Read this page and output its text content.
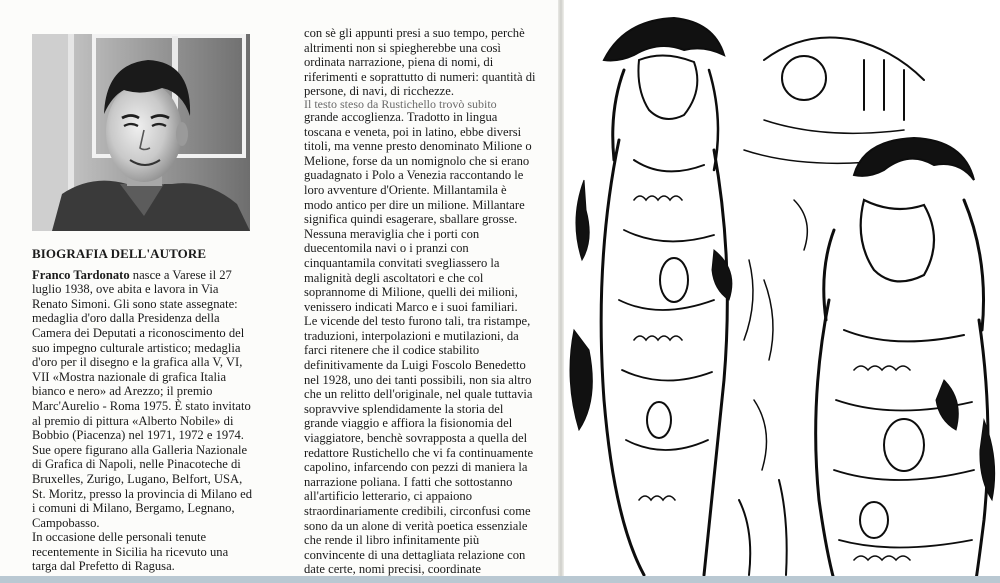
BIOGRAFIA DELL'AUTORE

Franco Tardonato nasce a Varese il 27 luglio 1938, ove abita e lavora in Via Renato Simoni. Gli sono state assegnate: medaglia d'oro dalla Presidenza della Camera dei Deputati a riconoscimento del suo impegno culturale artistico; medaglia d'oro per il disegno e la grafica alla V, VI, VII «Mostra nazionale di grafica Italia bianco e nero» ad Arezzo; il premio Marc'Aurelio - Roma 1975. È stato invitato al premio di pittura «Alberto Nobile» di Bobbio (Piacenza) nel 1971, 1972 e 1974.

Sue opere figurano alla Galleria Nazionale di Grafica di Napoli, nelle Pinacoteche di Bruxelles, Zurigo, Lugano, Belfort, USA, St. Moritz, presso la provincia di Milano ed i comuni di Milano, Bergamo, Legnano, Campobasso.

In occasione delle personali tenute recentemente in Sicilia ha ricevuto una targa dal Prefetto di Ragusa.

con sè gli appunti presi a suo tempo, perchè altrimenti non si spiegherebbe una così ordinata narrazione, piena di nomi, di riferimenti e soprattutto di numeri: quantità di persone, di navi, di ricchezze.

Il testo steso da Rustichello trovò subito

grande accoglienza. Tradotto in lingua toscana e veneta, poi in latino, ebbe diversi titoli, ma venne presto denominato Milione o Melione, forse da un nomignolo che si erano guadagnato i Polo a Venezia raccontando le loro avventure d'Oriente. Millantamila è modo antico per dire un milione. Millantare significa quindi esagerare, sballare grosse. Nessuna meraviglia che i porti con duecentomila navi o i pranzi con cinquantamila convitati svegliassero la malignità degli ascoltatori e che col soprannome di Milione, quelli dei milioni, venissero indicati Marco e i suoi familiari.

Le vicende del testo furono tali, tra ristampe, traduzioni, interpolazioni e mutilazioni, da farci ritenere che il codice stabilito definitivamente da Luigi Foscolo Benedetto nel 1928, uno dei tanti possibili, non sia altro che un relitto dell'originale, nel quale tuttavia sopravvive splendidamente la storia del grande viaggio e affiora la fisionomia del viaggiatore, benchè sovrapposta a quella del redattore Rustichello che vi fa continuamente capolino, infarcendo con pezzi di maniera la narrazione poliana. I fatti che sottostanno all'artificio letterario, ci appaiono straordinariamente credibili, circonfusi come sono da un alone di verità poetica essenziale che rende il libro infinitamente più convincente di una dettagliata relazione con date certe, nomi precisi, coordinate
